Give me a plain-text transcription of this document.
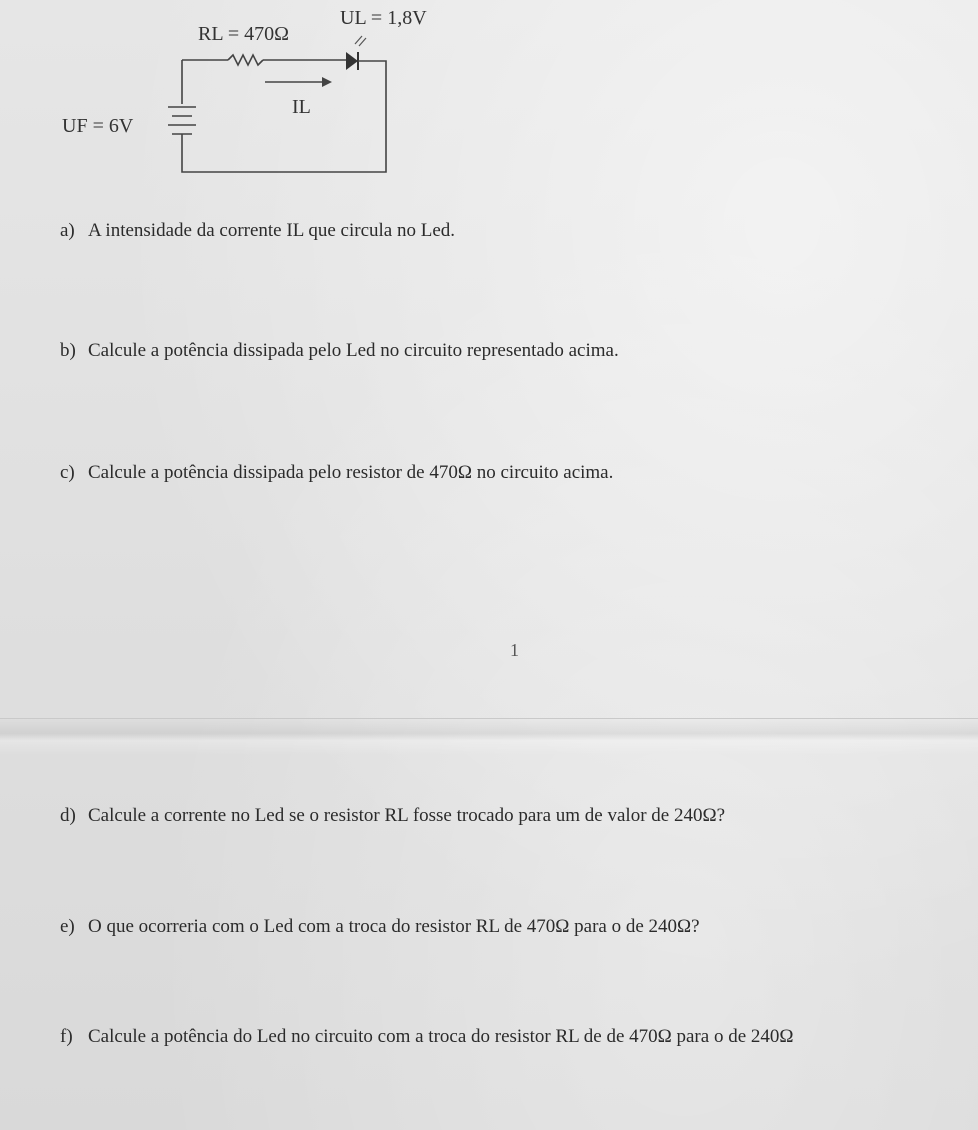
RL = 470Ω
UL = 1,8V
UF = 6V
IL
a) A intensidade da corrente IL que circula no Led.
b) Calcule a potência dissipada pelo Led no circuito representado acima.
c) Calcule a potência dissipada pelo resistor de 470Ω no circuito acima.
1
d) Calcule a corrente no Led se o resistor RL fosse trocado para um de valor de 240Ω?
e) O que ocorreria com o Led com a troca do resistor RL de 470Ω para o de 240Ω?
f) Calcule a potência do Led no circuito com a troca do resistor RL de de 470Ω para o de 240Ω
